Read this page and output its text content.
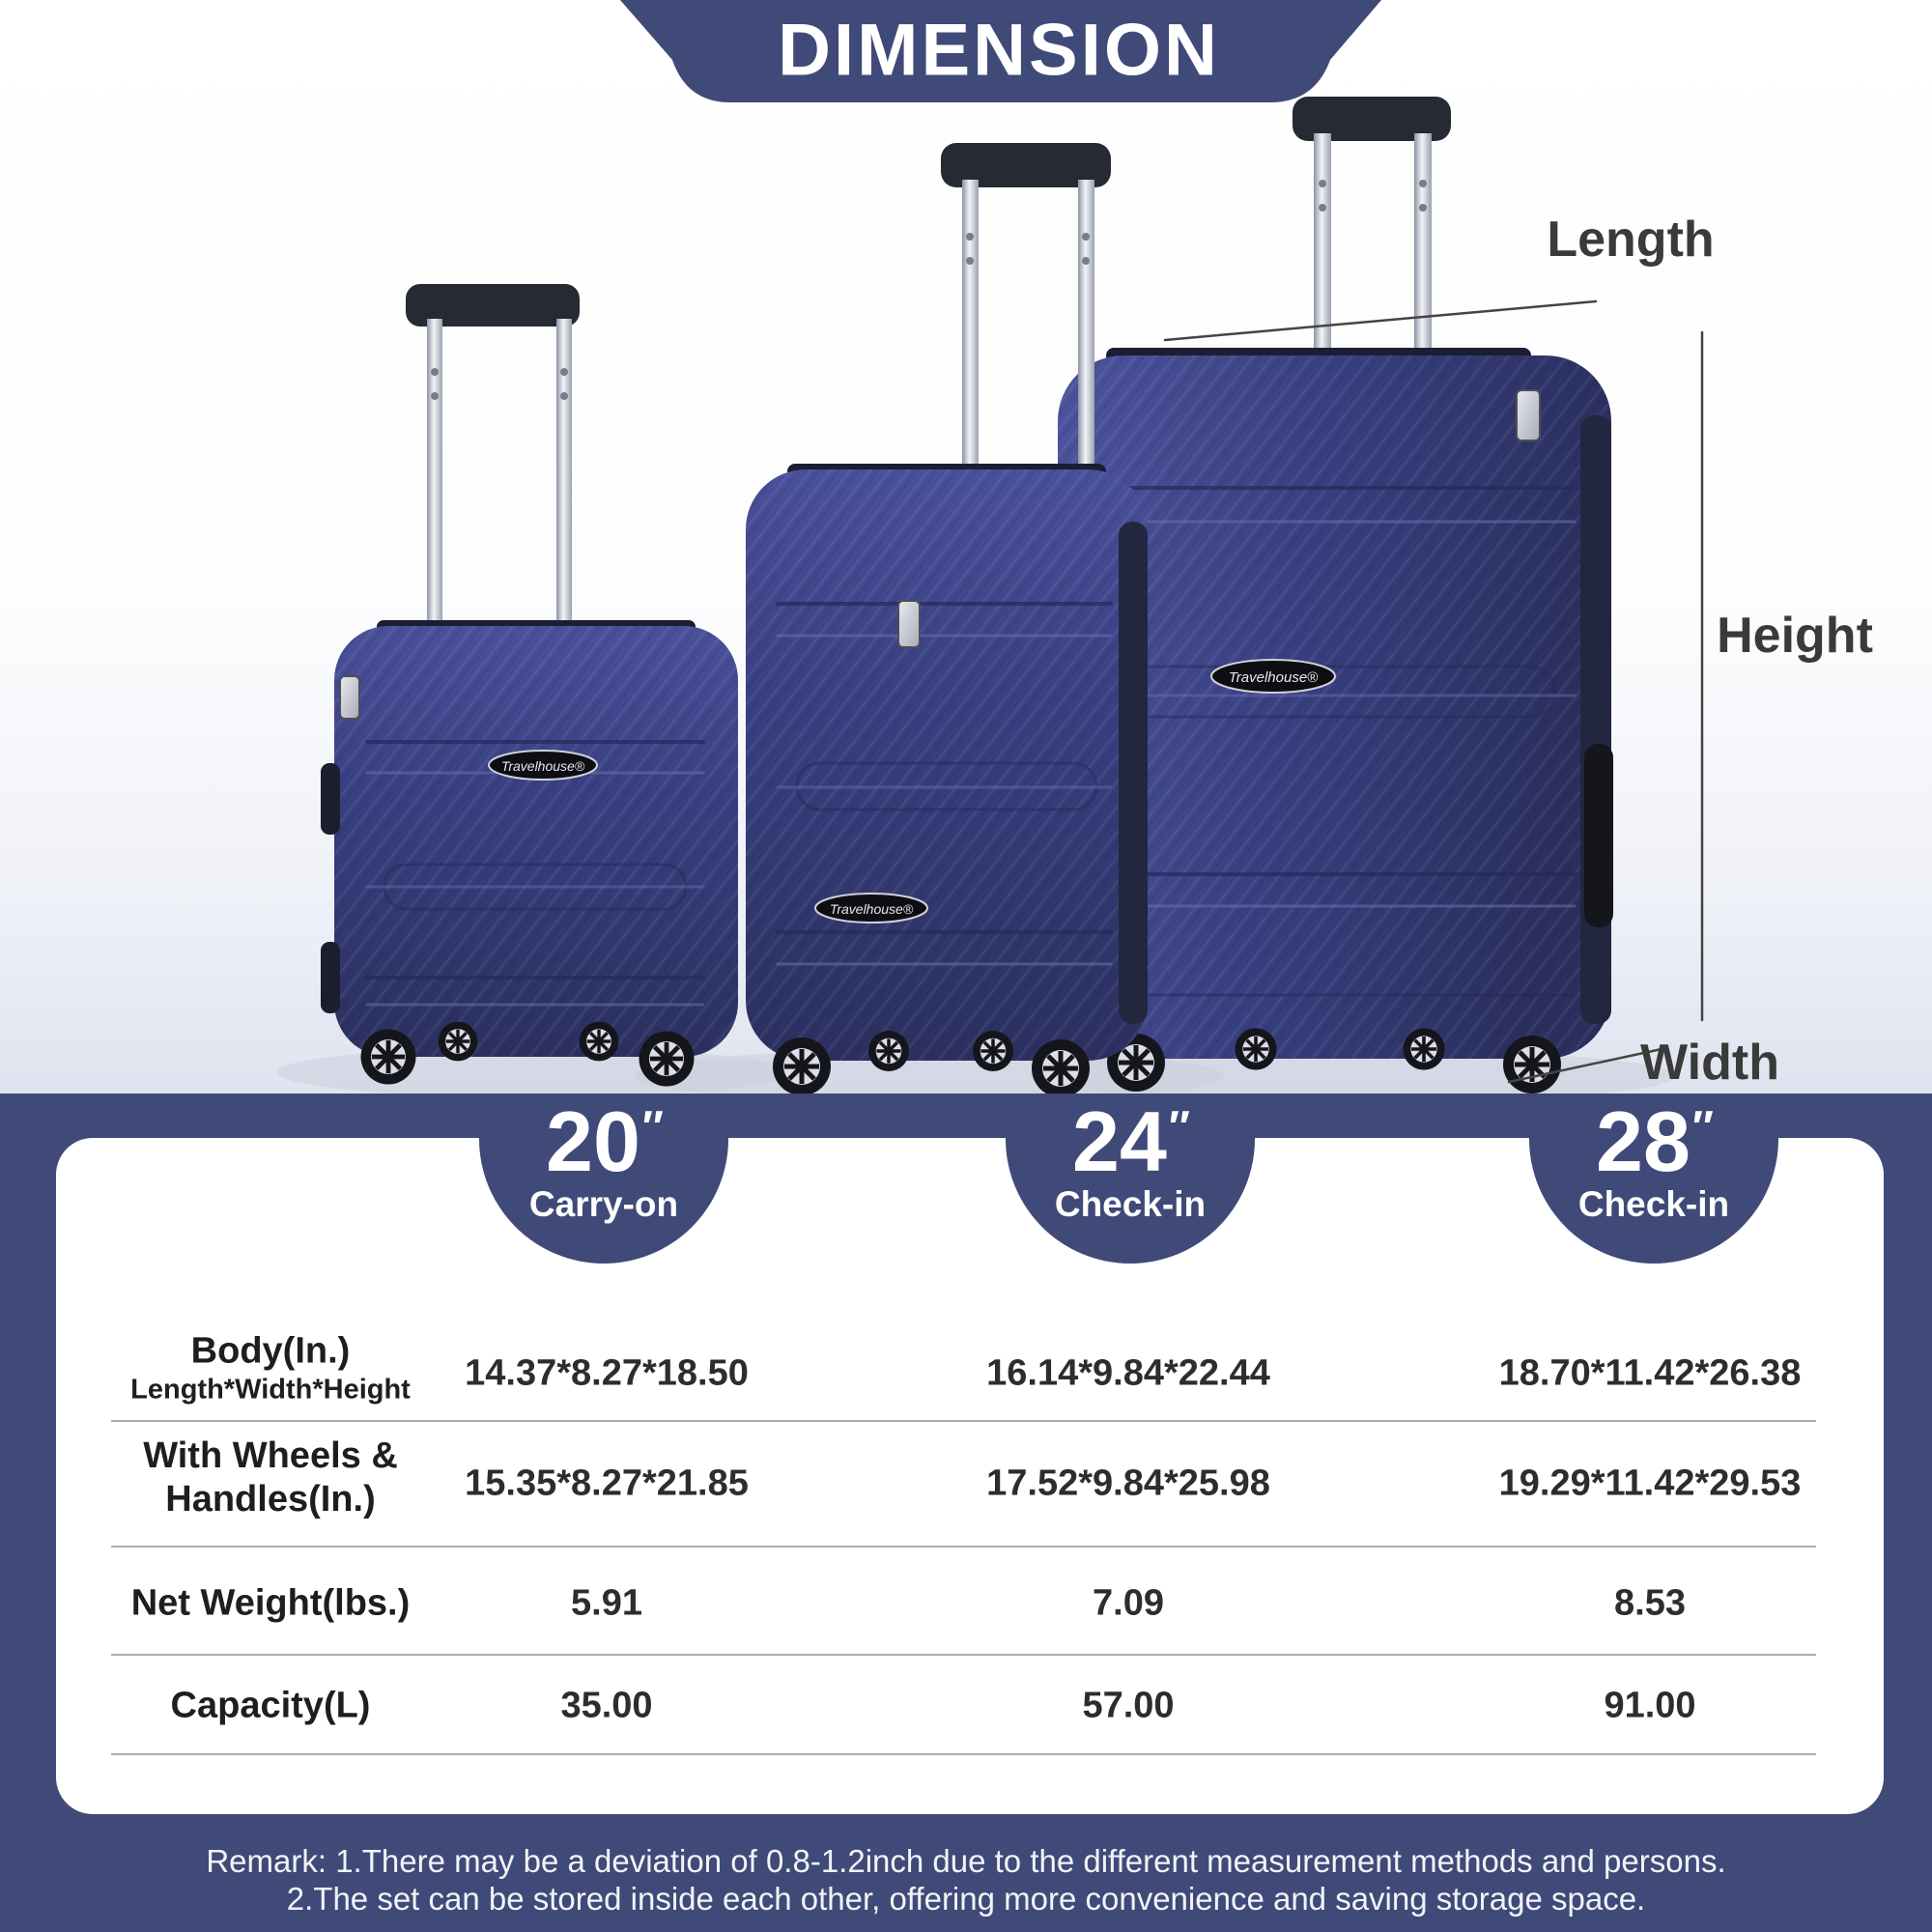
Travelhouse®
Travelhouse®
Travelhouse®
DIMENSION
Length
Height
Width
20″
Carry-on
24″
Check-in
28″
Check-in
Body(In.)
Length*Width*Height 14.37*8.27*18.50	16.14*9.84*22.44	18.70*11.42*26.38
With Wheels &
Handles(In.)	15.35*8.27*21.85	17.52*9.84*25.98	19.29*11.42*29.53
Net Weight(lbs.)	5.91	7.09	8.53
Capacity(L)	35.00	57.00	91.00
Remark: 1.There may be a deviation of 0.8-1.2inch due to the different measurement methods and persons.
2.The set can be stored inside each other, offering more convenience and saving storage space.
